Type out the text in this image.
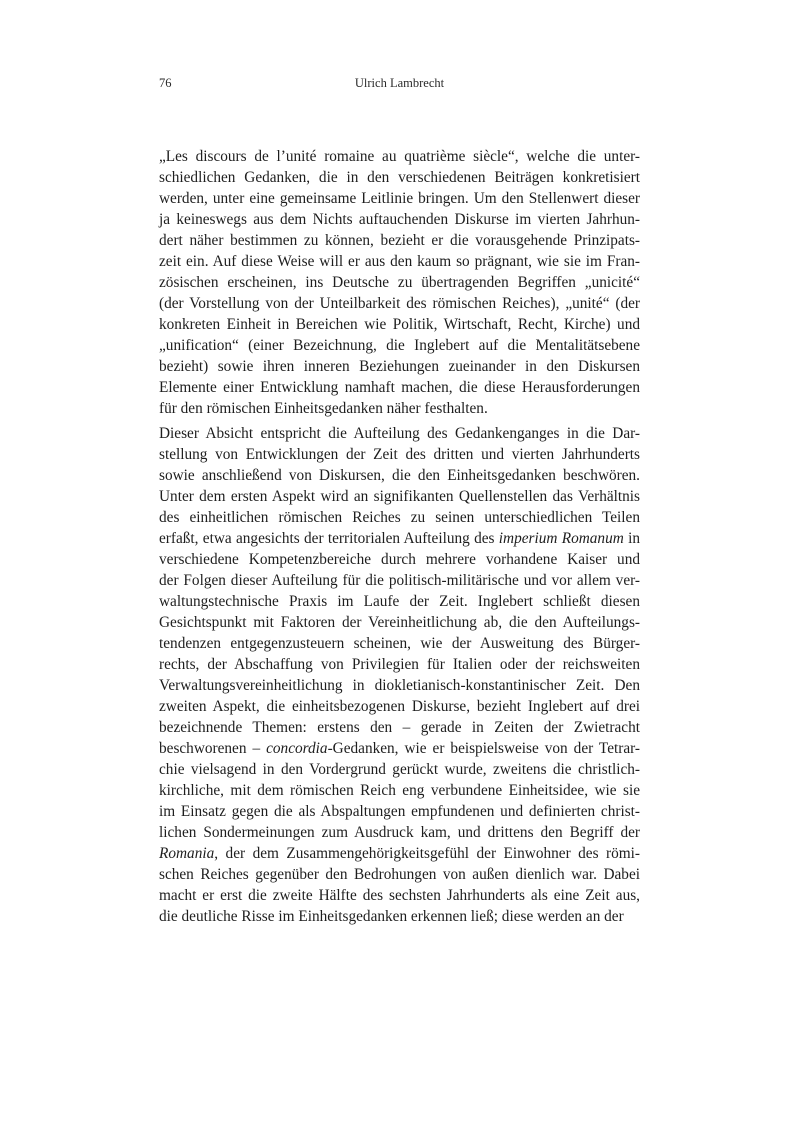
76	Ulrich Lambrecht

„Les discours de l’unité romaine au quatrième siècle“, welche die unter-
schiedlichen Gedanken, die in den verschiedenen Beiträgen konkretisiert
werden, unter eine gemeinsame Leitlinie bringen. Um den Stellenwert dieser
ja keineswegs aus dem Nichts auftauchenden Diskurse im vierten Jahrhun-
dert näher bestimmen zu können, bezieht er die vorausgehende Prinzipats-
zeit ein. Auf diese Weise will er aus den kaum so prägnant, wie sie im Fran-
zösischen erscheinen, ins Deutsche zu übertragenden Begriffen „unicité“
(der Vorstellung von der Unteilbarkeit des römischen Reiches), „unité“ (der
konkreten Einheit in Bereichen wie Politik, Wirtschaft, Recht, Kirche) und
„unification“ (einer Bezeichnung, die Inglebert auf die Mentalitätsebene
bezieht) sowie ihren inneren Beziehungen zueinander in den Diskursen
Elemente einer Entwicklung namhaft machen, die diese Herausforderungen
für den römischen Einheitsgedanken näher festhalten.

Dieser Absicht entspricht die Aufteilung des Gedankenganges in die Dar-
stellung von Entwicklungen der Zeit des dritten und vierten Jahrhunderts
sowie anschließend von Diskursen, die den Einheitsgedanken beschwören.
Unter dem ersten Aspekt wird an signifikanten Quellenstellen das Verhältnis
des einheitlichen römischen Reiches zu seinen unterschiedlichen Teilen
erfaßt, etwa angesichts der territorialen Aufteilung des imperium Romanum in
verschiedene Kompetenzbereiche durch mehrere vorhandene Kaiser und
der Folgen dieser Aufteilung für die politisch-militärische und vor allem ver-
waltungstechnische Praxis im Laufe der Zeit. Inglebert schließt diesen
Gesichtspunkt mit Faktoren der Vereinheitlichung ab, die den Aufteilungs-
tendenzen entgegenzusteuern scheinen, wie der Ausweitung des Bürger-
rechts, der Abschaffung von Privilegien für Italien oder der reichsweiten
Verwaltungsvereinheitlichung in diokletianisch-konstantinischer Zeit. Den
zweiten Aspekt, die einheitsbezogenen Diskurse, bezieht Inglebert auf drei
bezeichnende Themen: erstens den – gerade in Zeiten der Zwietracht
beschworenen – concordia-Gedanken, wie er beispielsweise von der Tetrar-
chie vielsagend in den Vordergrund gerückt wurde, zweitens die christlich-
kirchliche, mit dem römischen Reich eng verbundene Einheitsidee, wie sie
im Einsatz gegen die als Abspaltungen empfundenen und definierten christ-
lichen Sondermeinungen zum Ausdruck kam, und drittens den Begriff der
Romania, der dem Zusammengehörigkeitsgefühl der Einwohner des römi-
schen Reiches gegenüber den Bedrohungen von außen dienlich war. Dabei
macht er erst die zweite Hälfte des sechsten Jahrhunderts als eine Zeit aus,
die deutliche Risse im Einheitsgedanken erkennen ließ; diese werden an der
